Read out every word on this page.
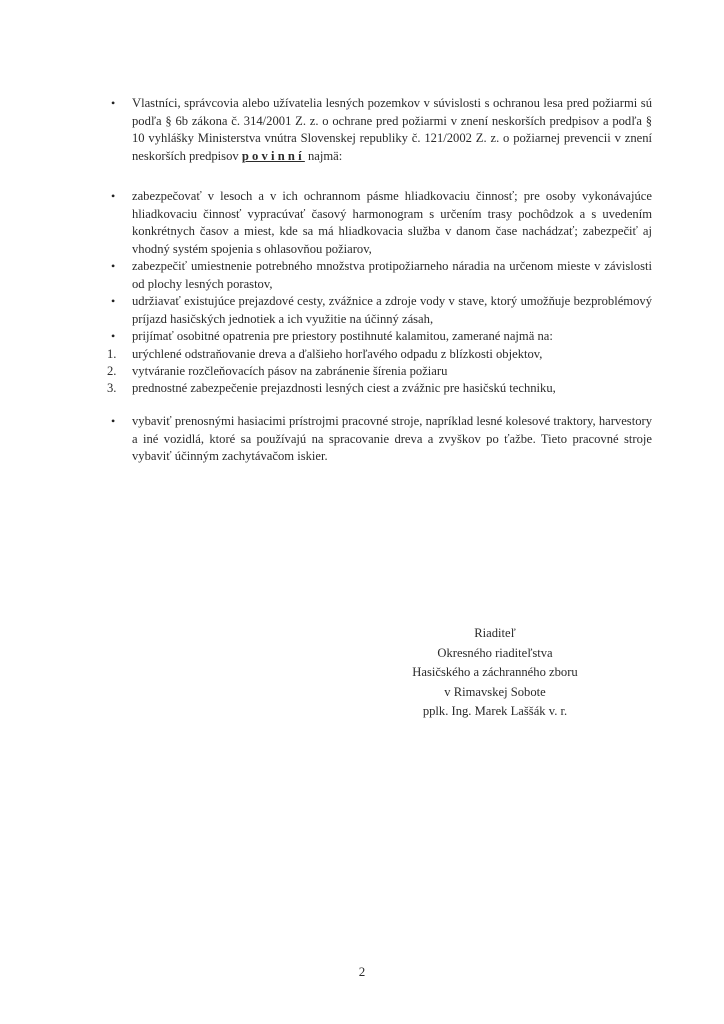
• Vlastníci, správcovia alebo užívatelia lesných pozemkov v súvislosti s ochranou lesa pred požiarmi sú podľa § 6b zákona č. 314/2001 Z. z. o ochrane pred požiarmi v znení neskorších predpisov a podľa § 10 vyhlášky Ministerstva vnútra Slovenskej republiky č. 121/2002 Z. z. o požiarnej prevencii v znení neskorších predpisov povinní najmä:

• zabezpečovať v lesoch a v ich ochrannom pásme hliadkovaciu činnosť; pre osoby vykonávajúce hliadkovaciu činnosť vypracúvať časový harmonogram s určením trasy pochôdzok a s uvedením konkrétnych časov a miest, kde sa má hliadkovacia služba v danom čase nachádzať; zabezpečiť aj vhodný systém spojenia s ohlasovňou požiarov,

• zabezpečiť umiestnenie potrebného množstva protipožiarneho náradia na určenom mieste v závislosti od plochy lesných porastov,

• udržiavať existujúce prejazdové cesty, zvážnice a zdroje vody v stave, ktorý umožňuje bezproblémový príjazd hasičských jednotiek a ich využitie na účinný zásah,

• prijímať osobitné opatrenia pre priestory postihnuté kalamitou, zamerané najmä na:

1. urýchlené odstraňovanie dreva a ďalšieho horľavého odpadu z blízkosti objektov,

2. vytváranie rozčleňovacích pásov na zabránenie šírenia požiaru

3. prednostné zabezpečenie prejazdnosti lesných ciest a zvážnic pre hasičskú techniku,

• vybaviť prenosnými hasiacimi prístrojmi pracovné stroje, napríklad lesné kolesové traktory, harvestory a iné vozidlá, ktoré sa používajú na spracovanie dreva a zvyškov po ťažbe. Tieto pracovné stroje vybaviť účinným zachytávačom iskier.

Riaditeľ
Okresného riaditeľstva
Hasičského a záchranného zboru
v Rimavskej Sobote
pplk. Ing. Marek Laššák v. r.
2
